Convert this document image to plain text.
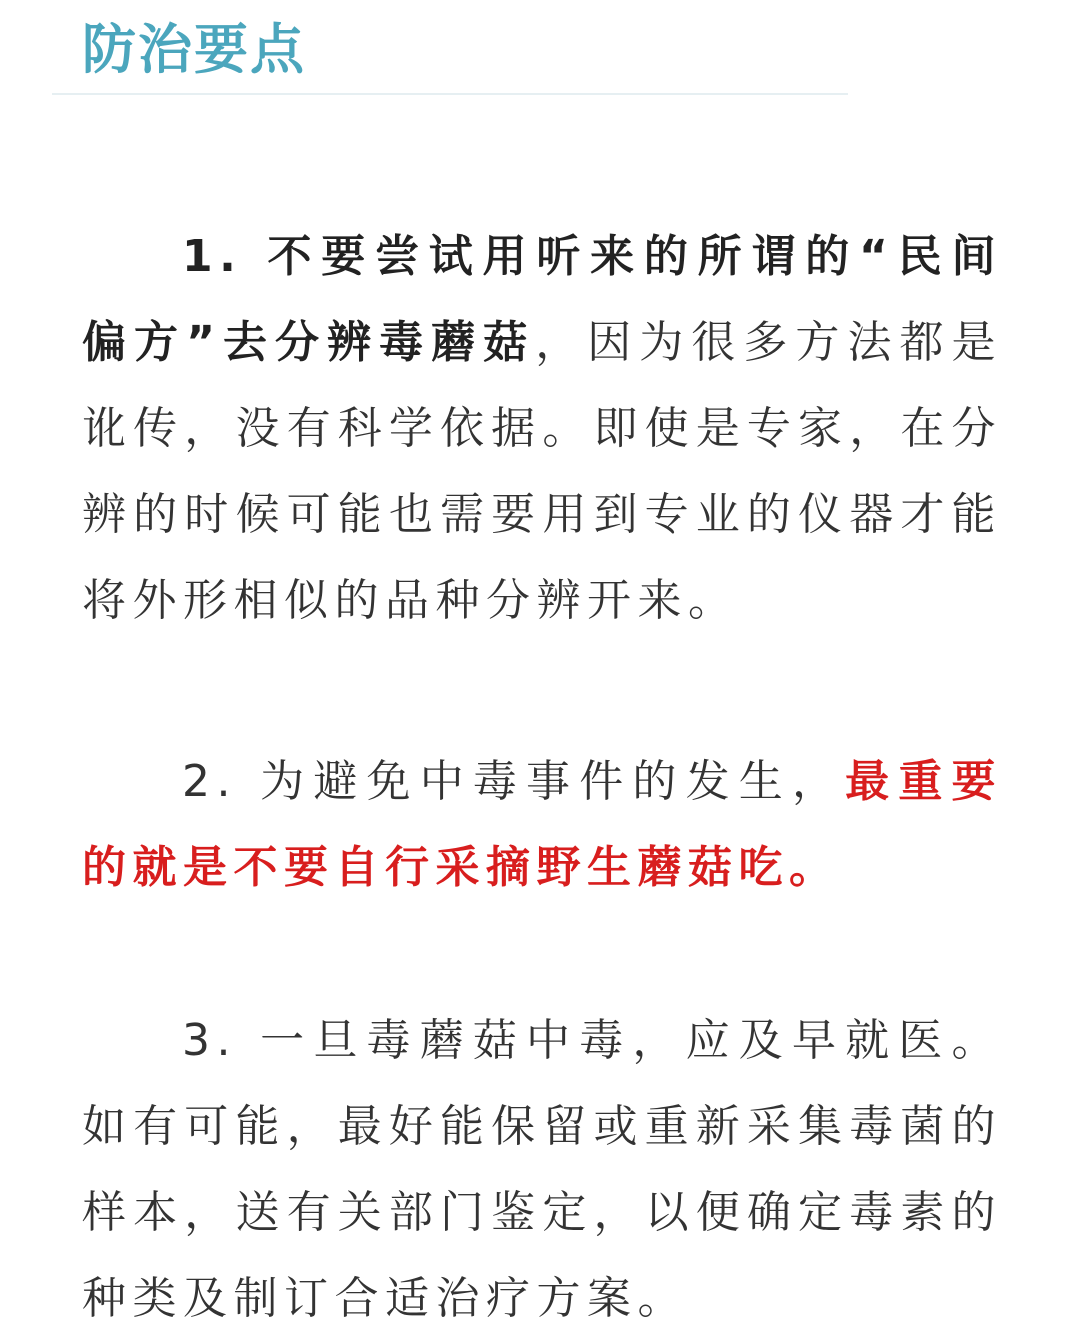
防治要点

1. 不要尝试用听来的所谓的“民间偏方”去分辨毒蘑菇，因为很多方法都是讹传，没有科学依据。即使是专家，在分辨的时候可能也需要用到专业的仪器才能将外形相似的品种分辨开来。

2. 为避免中毒事件的发生，最重要的就是不要自行采摘野生蘑菇吃。

3. 一旦毒蘑菇中毒，应及早就医。如有可能，最好能保留或重新采集毒菌的样本，送有关部门鉴定，以便确定毒素的种类及制订合适治疗方案。
